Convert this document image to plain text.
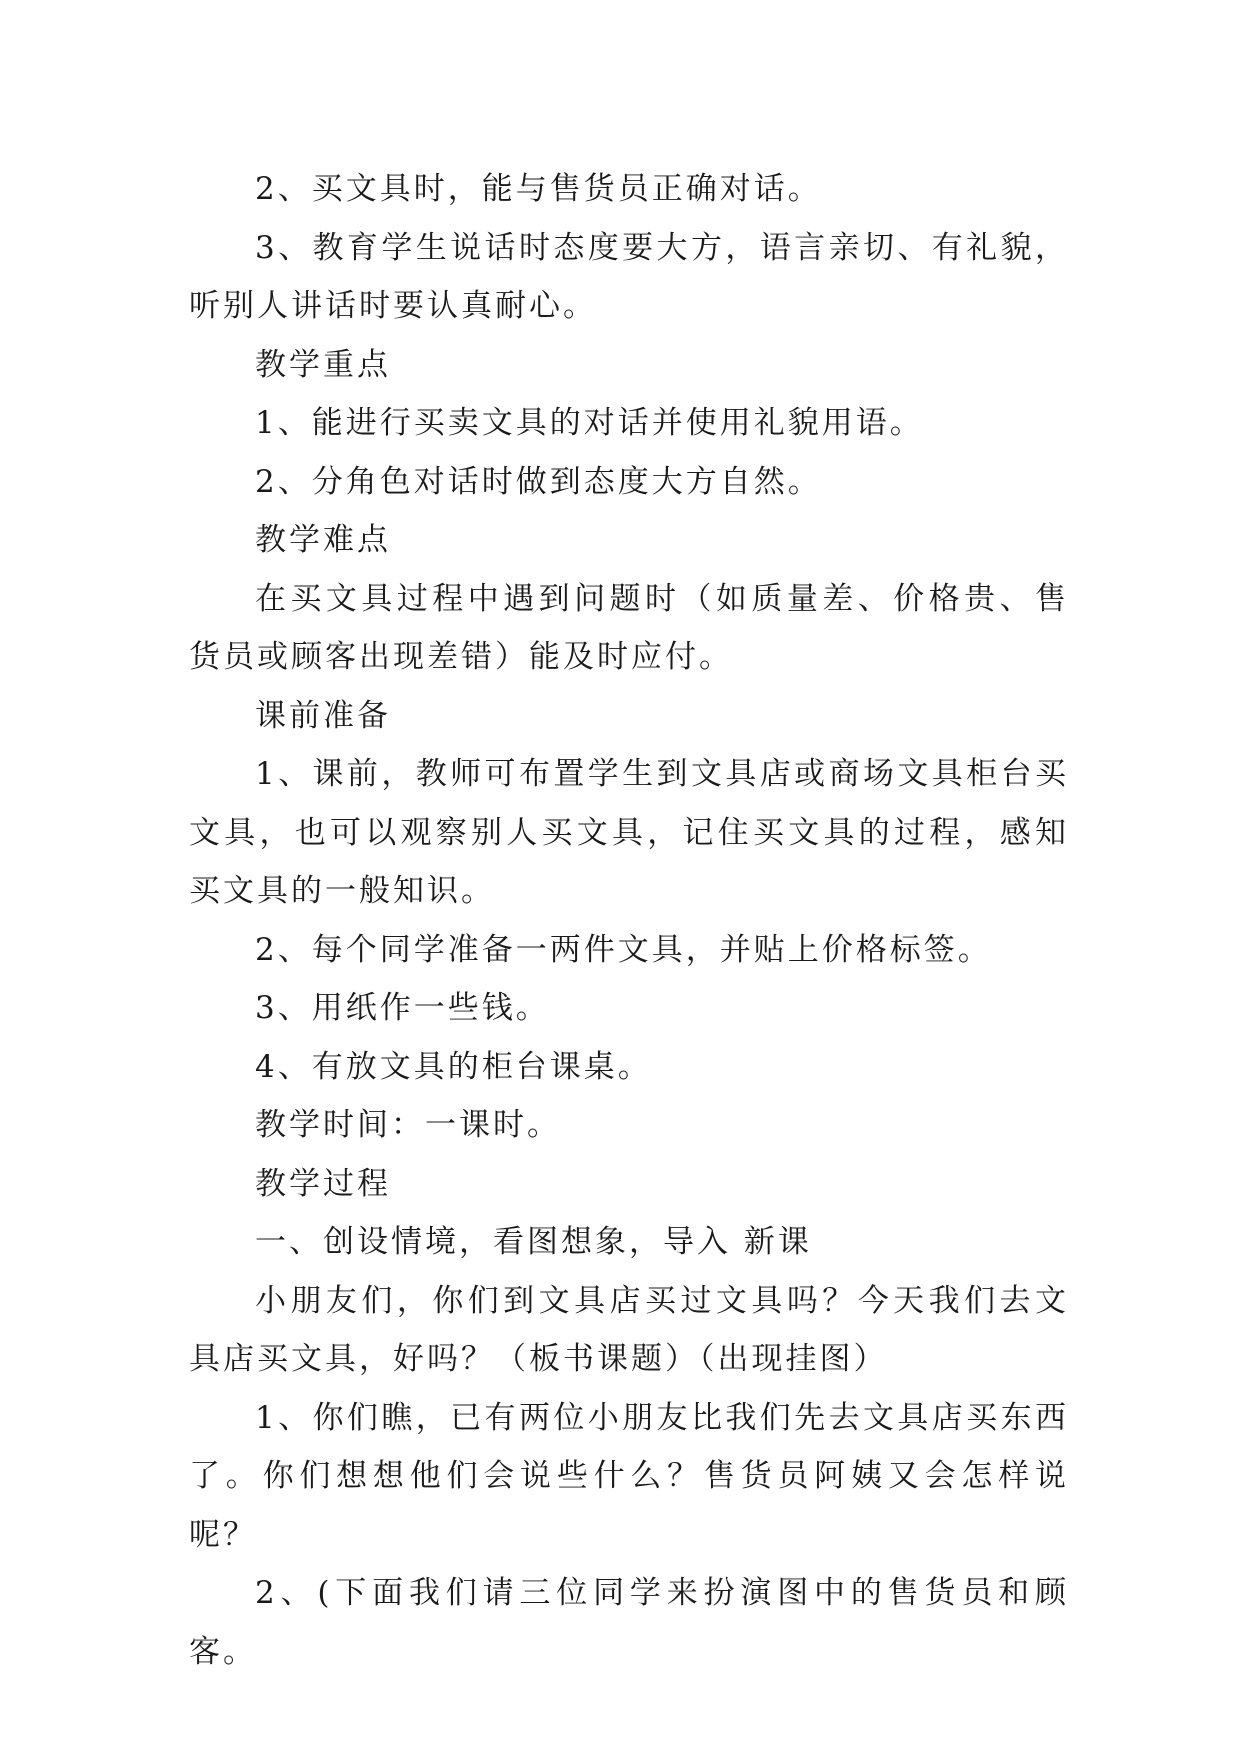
2、买文具时，能与售货员正确对话。

3、教育学生说话时态度要大方，语言亲切、有礼貌，听别人讲话时要认真耐心。

教学重点

1、能进行买卖文具的对话并使用礼貌用语。

2、分角色对话时做到态度大方自然。

教学难点

在买文具过程中遇到问题时（如质量差、价格贵、售货员或顾客出现差错）能及时应付。

课前准备

1、课前，教师可布置学生到文具店或商场文具柜台买文具，也可以观察别人买文具，记住买文具的过程，感知买文具的一般知识。

2、每个同学准备一两件文具，并贴上价格标签。

3、用纸作一些钱。

4、有放文具的柜台课桌。

教学时间：一课时。

教学过程

一、创设情境，看图想象，导入 新课

小朋友们，你们到文具店买过文具吗？今天我们去文具店买文具，好吗？（板书课题）（出现挂图）

1、你们瞧，已有两位小朋友比我们先去文具店买东西了。你们想想他们会说些什么？售货员阿姨又会怎样说呢？

2、(下面我们请三位同学来扮演图中的售货员和顾客。
